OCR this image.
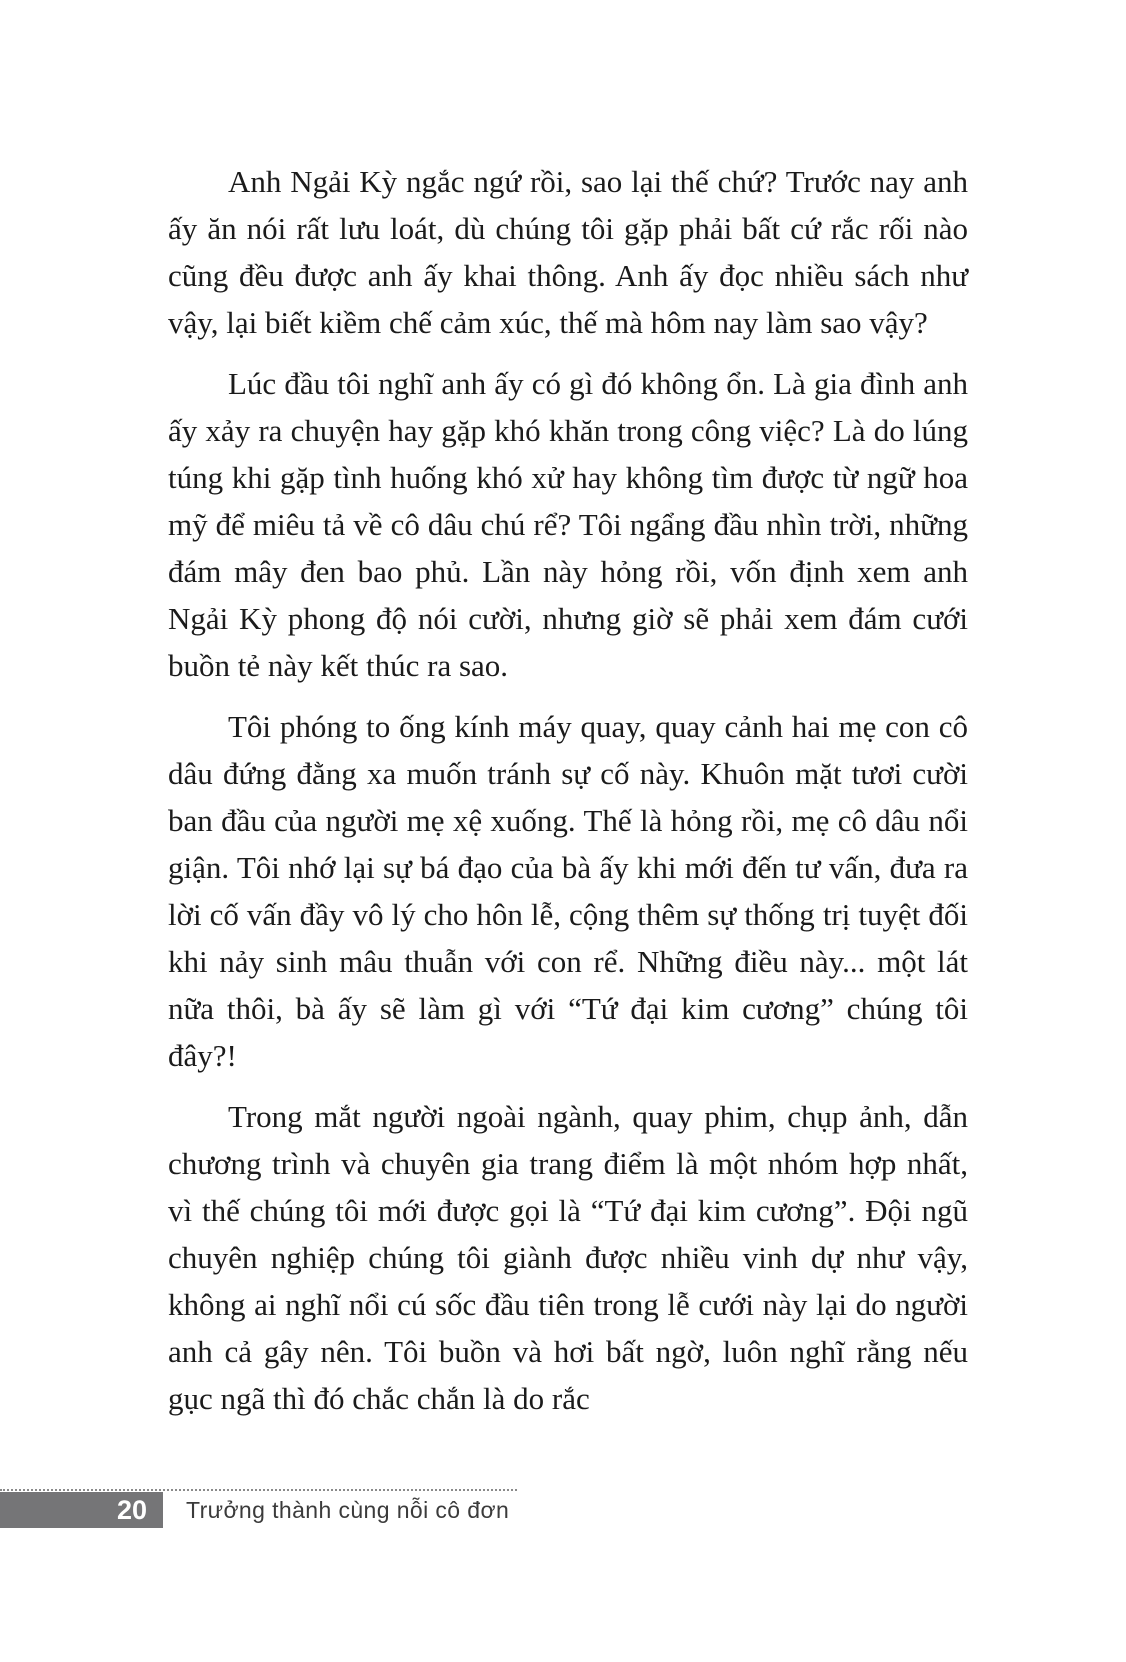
Anh Ngải Kỳ ngắc ngứ rồi, sao lại thế chứ? Trước nay anh ấy ăn nói rất lưu loát, dù chúng tôi gặp phải bất cứ rắc rối nào cũng đều được anh ấy khai thông. Anh ấy đọc nhiều sách như vậy, lại biết kiềm chế cảm xúc, thế mà hôm nay làm sao vậy?

Lúc đầu tôi nghĩ anh ấy có gì đó không ổn. Là gia đình anh ấy xảy ra chuyện hay gặp khó khăn trong công việc? Là do lúng túng khi gặp tình huống khó xử hay không tìm được từ ngữ hoa mỹ để miêu tả về cô dâu chú rể? Tôi ngẩng đầu nhìn trời, những đám mây đen bao phủ. Lần này hỏng rồi, vốn định xem anh Ngải Kỳ phong độ nói cười, nhưng giờ sẽ phải xem đám cưới buồn tẻ này kết thúc ra sao.

Tôi phóng to ống kính máy quay, quay cảnh hai mẹ con cô dâu đứng đằng xa muốn tránh sự cố này. Khuôn mặt tươi cười ban đầu của người mẹ xệ xuống. Thế là hỏng rồi, mẹ cô dâu nổi giận. Tôi nhớ lại sự bá đạo của bà ấy khi mới đến tư vấn, đưa ra lời cố vấn đầy vô lý cho hôn lễ, cộng thêm sự thống trị tuyệt đối khi nảy sinh mâu thuẫn với con rể. Những điều này... một lát nữa thôi, bà ấy sẽ làm gì với “Tứ đại kim cương” chúng tôi đây?!

Trong mắt người ngoài ngành, quay phim, chụp ảnh, dẫn chương trình và chuyên gia trang điểm là một nhóm hợp nhất, vì thế chúng tôi mới được gọi là “Tứ đại kim cương”. Đội ngũ chuyên nghiệp chúng tôi giành được nhiều vinh dự như vậy, không ai nghĩ nổi cú sốc đầu tiên trong lễ cưới này lại do người anh cả gây nên. Tôi buồn và hơi bất ngờ, luôn nghĩ rằng nếu gục ngã thì đó chắc chắn là do rắc

20 Trưởng thành cùng nỗi cô đơn
